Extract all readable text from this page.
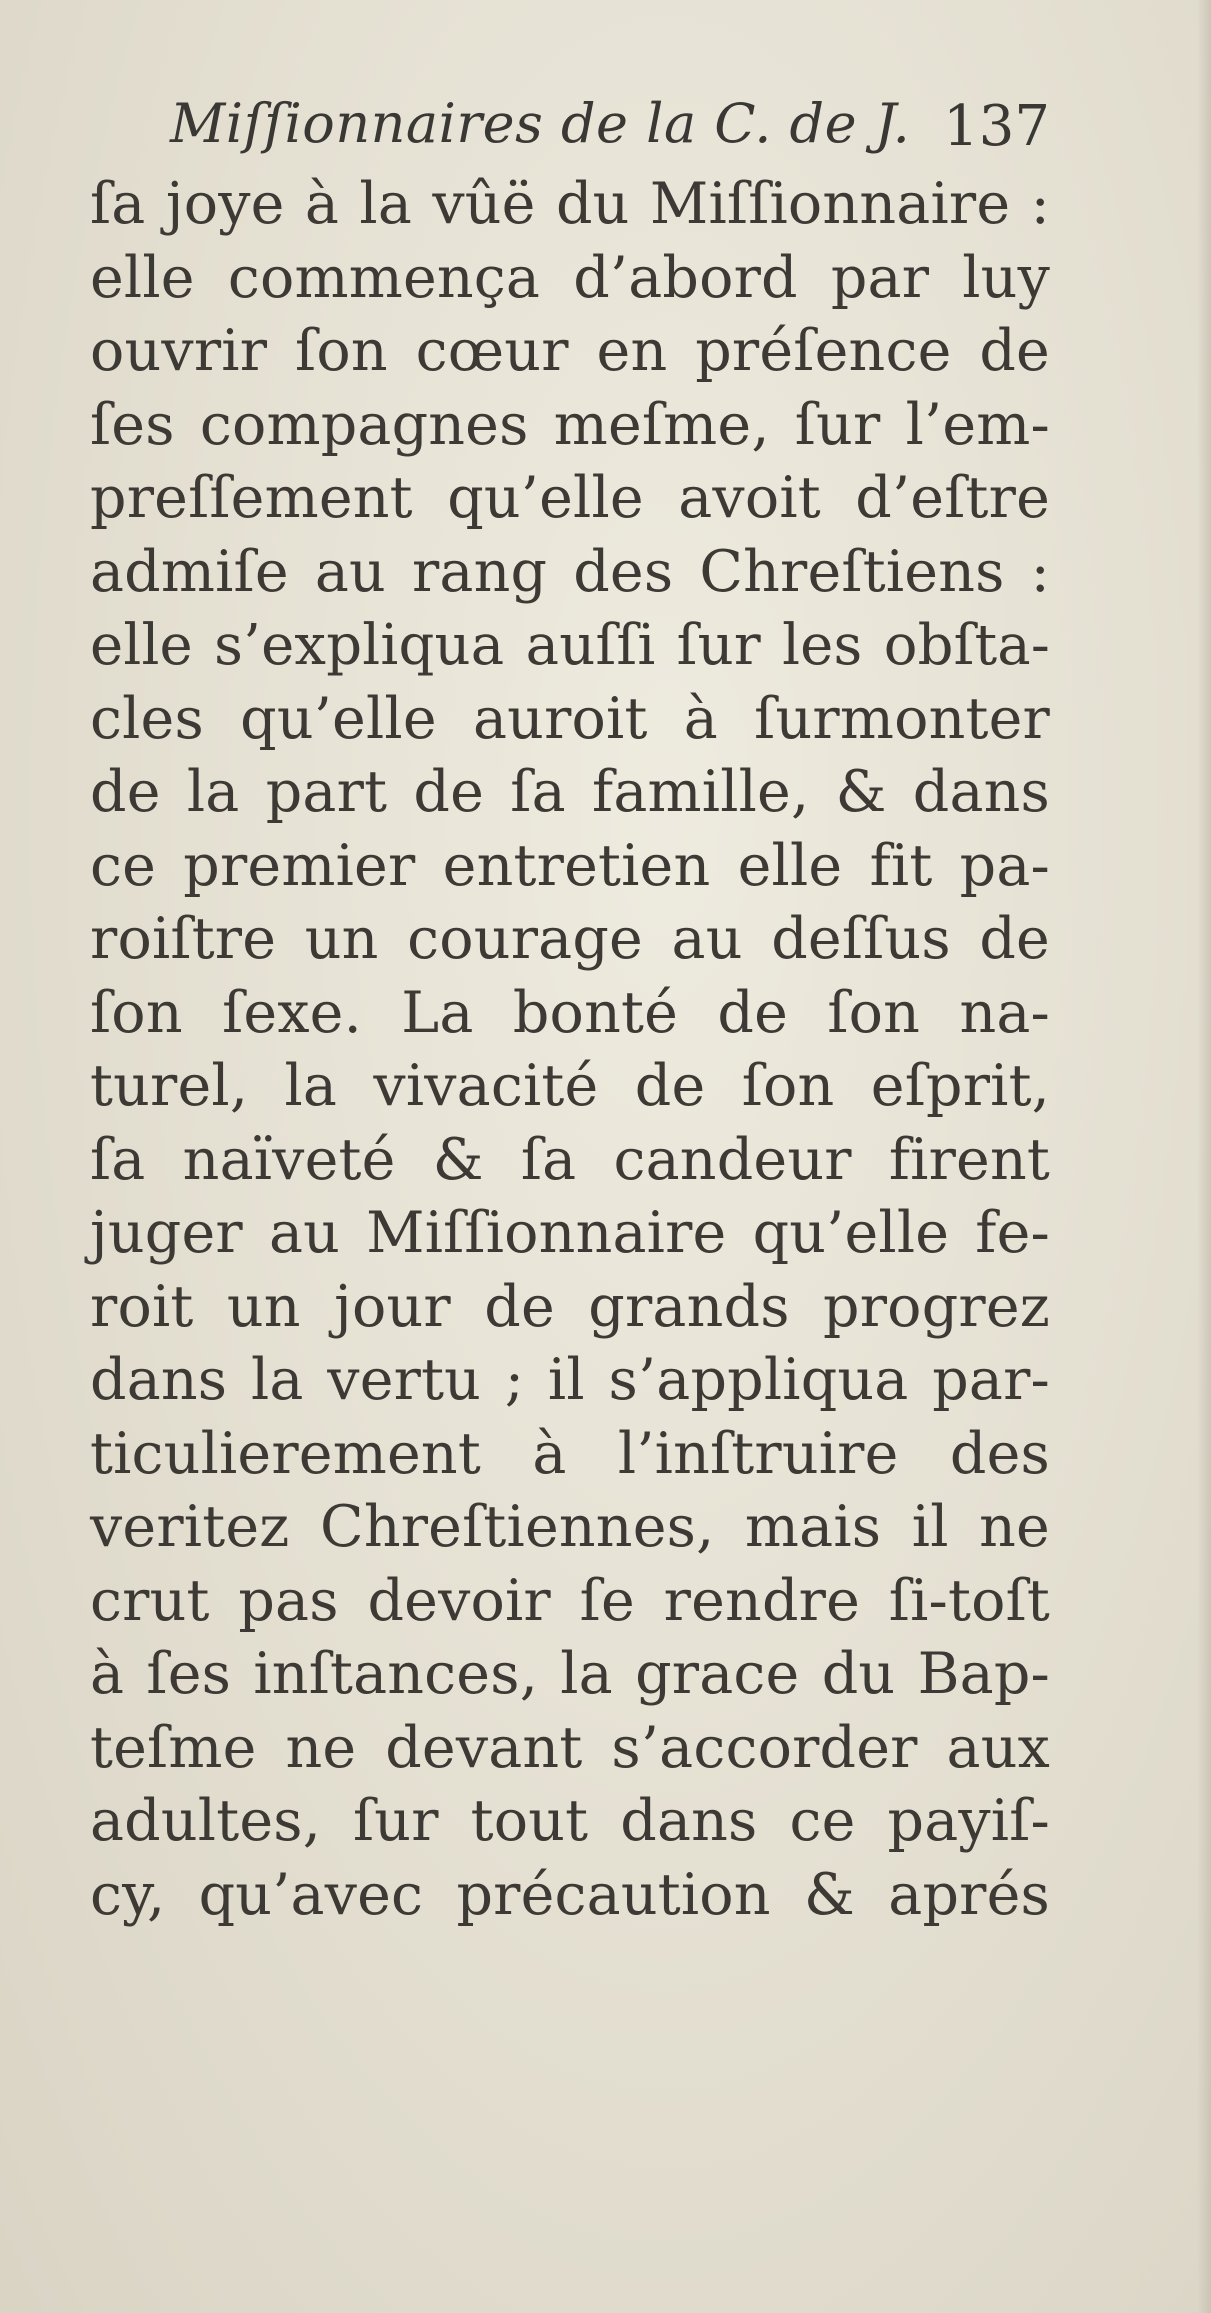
Miſſionnaires de la C. de J. 137
ſa joye à la vûë du Miſſionnaire :
elle commença d’abord par luy
ouvrir ſon cœur en préſence de
ſes compagnes meſme, ſur l’em-
preſſement qu’elle avoit d’eſtre
admiſe au rang des Chreſtiens :
elle s’expliqua auſſi ſur les obſta-
cles qu’elle auroit à ſurmonter
de la part de ſa famille, & dans
ce premier entretien elle fit pa-
roiſtre un courage au deſſus de
ſon ſexe. La bonté de ſon na-
turel, la vivacité de ſon eſprit,
ſa naïveté & ſa candeur firent
juger au Miſſionnaire qu’elle fe-
roit un jour de grands progrez
dans la vertu ; il s’appliqua par-
ticulierement à l’inſtruire des
veritez Chreſtiennes, mais il ne
crut pas devoir ſe rendre ſi-toſt
à ſes inſtances, la grace du Bap-
teſme ne devant s’accorder aux
adultes, ſur tout dans ce payiſ-
cy, qu’avec précaution & aprés
